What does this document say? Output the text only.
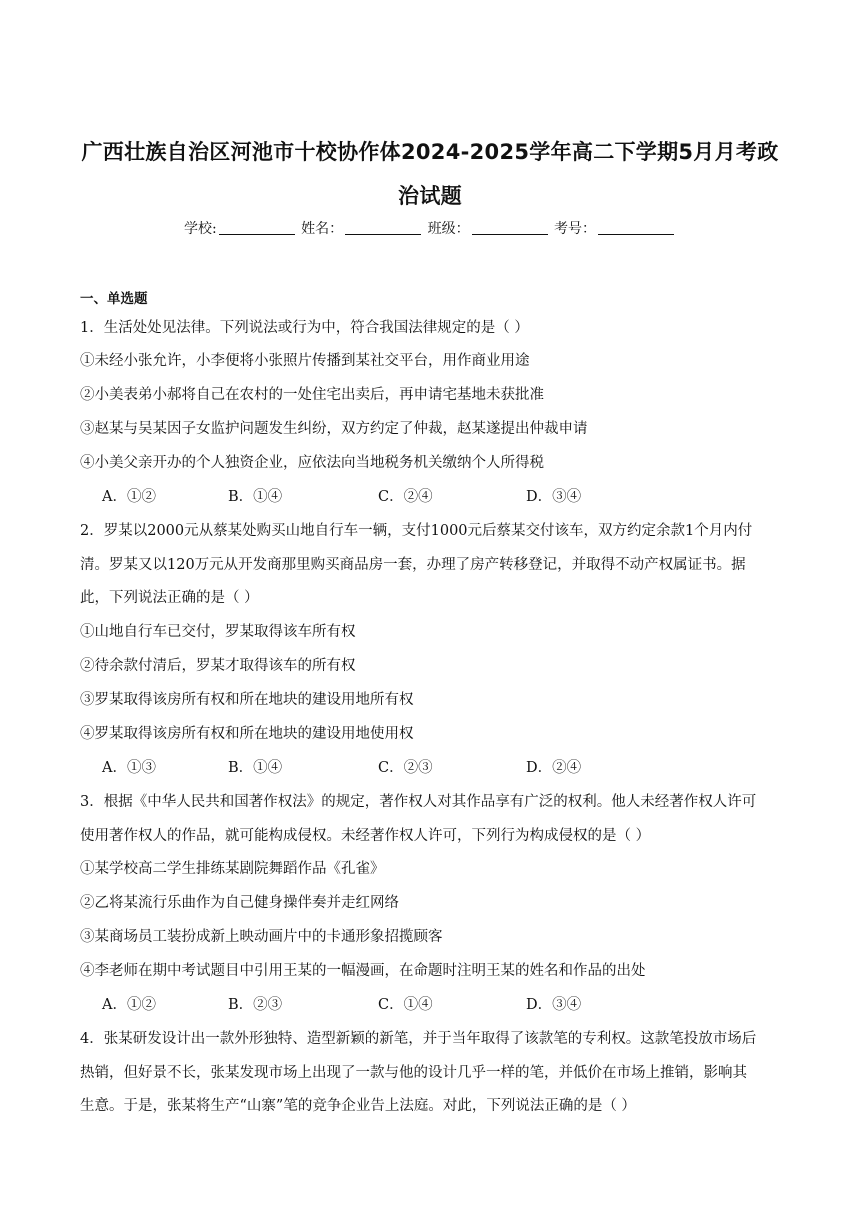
广西壮族自治区河池市十校协作体2024-2025学年高二下学期5月月考政
治试题
学校:	姓名：	班级：	考号：
一、单选题
1．生活处处见法律。下列说法或行为中，符合我国法律规定的是（ ）
①未经小张允许，小李便将小张照片传播到某社交平台，用作商业用途
②小美表弟小郝将自己在农村的一处住宅出卖后，再申请宅基地未获批准
③赵某与吴某因子女监护问题发生纠纷，双方约定了仲裁，赵某遂提出仲裁申请
④小美父亲开办的个人独资企业，应依法向当地税务机关缴纳个人所得税
A．①②	B．①④	C．②④	D．③④
2．罗某以2000元从蔡某处购买山地自行车一辆，支付1000元后蔡某交付该车，双方约定余款1个月内付
清。罗某又以120万元从开发商那里购买商品房一套，办理了房产转移登记，并取得不动产权属证书。据
此，下列说法正确的是（ ）
①山地自行车已交付，罗某取得该车所有权
②待余款付清后，罗某才取得该车的所有权
③罗某取得该房所有权和所在地块的建设用地所有权
④罗某取得该房所有权和所在地块的建设用地使用权
A．①③	B．①④	C．②③	D．②④
3．根据《中华人民共和国著作权法》的规定，著作权人对其作品享有广泛的权利。他人未经著作权人许可
使用著作权人的作品，就可能构成侵权。未经著作权人许可，下列行为构成侵权的是（ ）
①某学校高二学生排练某剧院舞蹈作品《孔雀》
②乙将某流行乐曲作为自己健身操伴奏并走红网络
③某商场员工装扮成新上映动画片中的卡通形象招揽顾客
④李老师在期中考试题目中引用王某的一幅漫画，在命题时注明王某的姓名和作品的出处
A．①②	B．②③	C．①④	D．③④
4．张某研发设计出一款外形独特、造型新颖的新笔，并于当年取得了该款笔的专利权。这款笔投放市场后
热销，但好景不长，张某发现市场上出现了一款与他的设计几乎一样的笔，并低价在市场上推销，影响其
生意。于是，张某将生产“山寨”笔的竞争企业告上法庭。对此，下列说法正确的是（ ）
